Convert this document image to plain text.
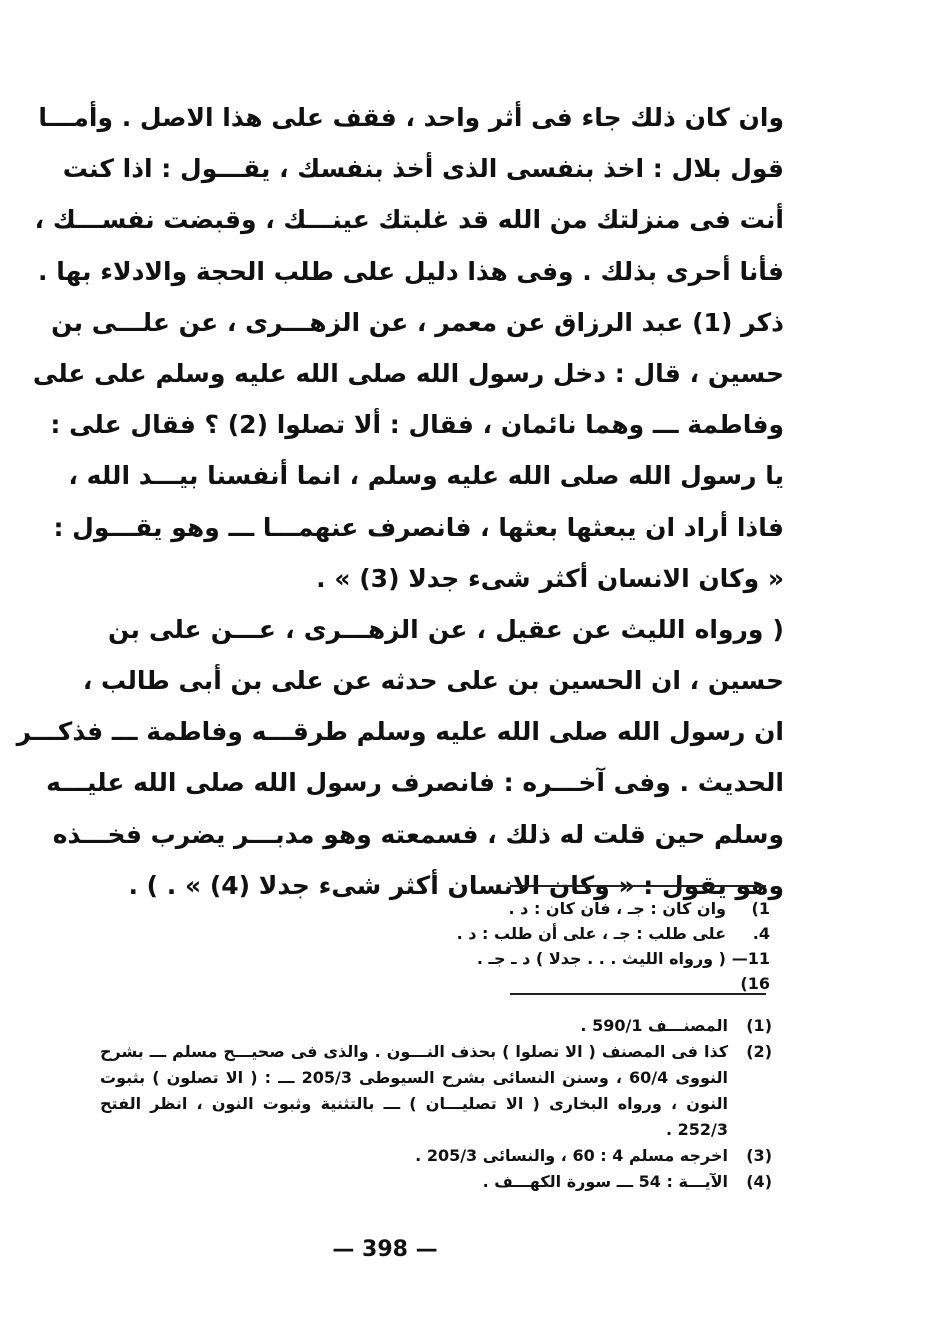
وان كان ذلك جاء فى أثر واحد ، فقف على هذا الاصل . وأمـــا
قول بلال : اخذ بنفسى الذى أخذ بنفسك ، يقـــول : اذا كنت
أنت فى منزلتك من الله قد غلبتك عينـــك ، وقبضت نفســـك ،
فأنا أحرى بذلك . وفى هذا دليل على طلب الحجة والادلاء بها .
ذكر (1) عبد الرزاق عن معمر ، عن الزهـــرى ، عن علـــى بن
حسين ، قال : دخل رسول الله صلى الله عليه وسلم على على
وفاطمة ـــ وهما نائمان ، فقال : ألا تصلوا (2) ؟ فقال على :
يا رسول الله صلى الله عليه وسلم ، انما أنفسنا بيـــد الله ،
فاذا أراد ان يبعثها بعثها ، فانصرف عنهمـــا ـــ وهو يقـــول :
« وكان الانسان أكثر شىء جدلا (3) » .
( ورواه الليث عن عقيل ، عن الزهـــرى ، عـــن على بن
حسين ، ان الحسين بن على حدثه عن على بن أبى طالب ،
ان رسول الله صلى الله عليه وسلم طرقـــه وفاطمة ـــ فذكـــر
الحديث . وفى آخـــره : فانصرف رسول الله صلى الله عليـــه
وسلم حين قلت له ذلك ، فسمعته وهو مدبـــر يضرب فخـــذه
وهو يقول : « وكان الانسان أكثر شىء جدلا (4) » . ) .
1)
وان كان : جـ ، فان كان : د .
4.
على طلب : جـ ، على أن طلب : د .
11—16)
( ورواه الليث . . . جدلا ) د ـ جـ .
(1)
المصنـــف 590/1 .
(2)
كذا فى المصنف ( الا تصلوا ) بحذف النـــون . والذى فى صحيـــح مسلم ـــ بشرح النووى 60/4 ، وسنن النسائى بشرح السيوطى 205/3 ـــ : ( الا تصلون ) بثبوت النون ، ورواه البخارى ( الا تصليـــان ) ـــ بالتثنية وثبوت النون ، انظر الفتح 252/3 .
(3)
اخرجه مسلم 4 : 60 ، والنسائى 205/3 .
(4)
الآيـــة : 54 ـــ سورة الكهـــف .
— 398 —
